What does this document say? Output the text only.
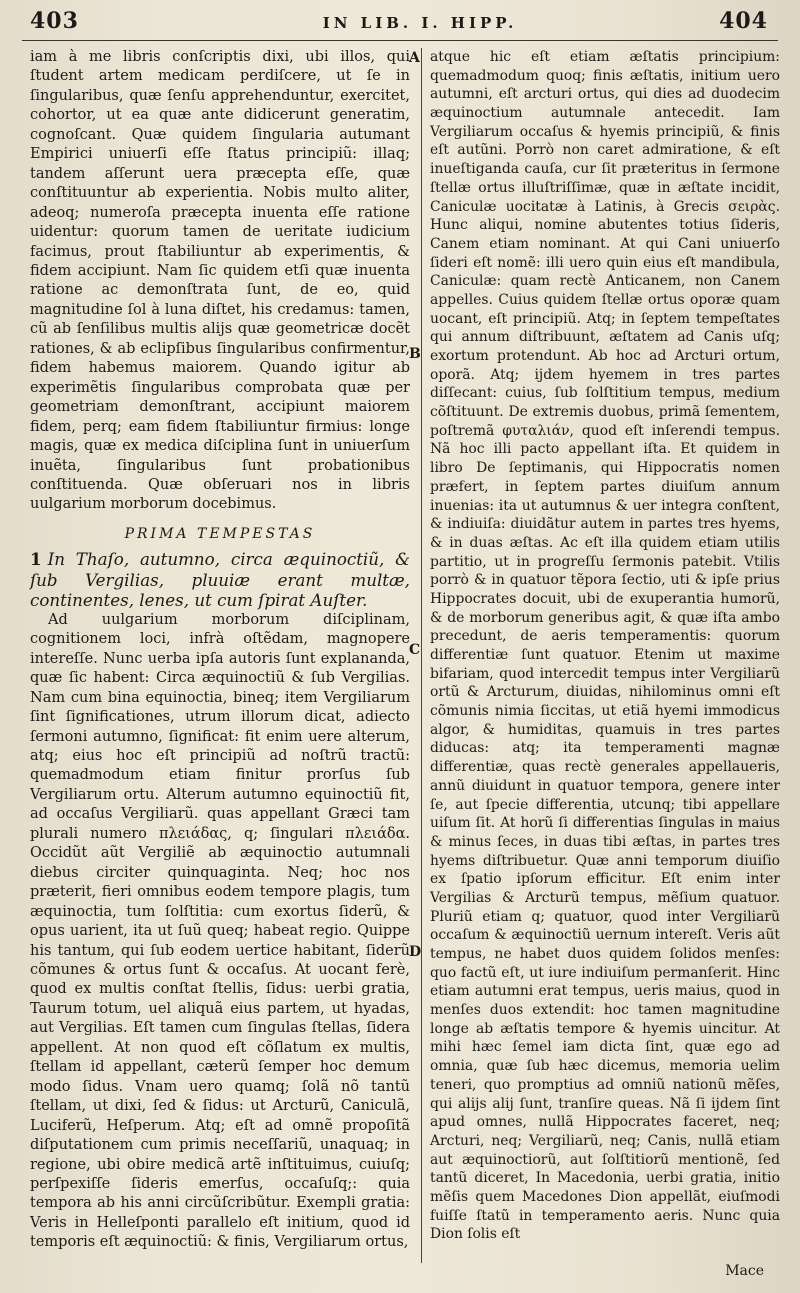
403	IN LIB. I. HIPP.	404
A
B
C
D

iam à me libris conſcriptis dixi, ubi illos, qui ſtudent artem medicam perdiſcere, ut ſe in ſingularibus, quæ ſenſu apprehenduntur, exercitet, cohortor, ut ea quæ ante didicerunt generatim, cognoſcant. Quæ quidem ſingularia autumant Empirici uniuerſi eſſe ſtatus principiũ: illaq; tandem aſſerunt uera præcepta eſſe, quæ conſtituuntur ab experientia. Nobis multo aliter, adeoq; numeroſa præcepta inuenta eſſe ratione uidentur: quorum tamen de ueritate iudicium facimus, prout ſtabiliuntur ab experimentis, & fidem accipiunt. Nam ſic quidem etſi quæ inuenta ratione ac demonſtrata ſunt, de eo, quid magnitudine ſol à luna diſtet, his credamus: tamen, cũ ab ſenſilibus multis alijs quæ geometricæ docẽt rationes, & ab eclipſibus ſingularibus confirmentur, fidem habemus maiorem. Quando igitur ab experimẽtis ſingularibus comprobata quæ per geometriam demonſtrant, accipiunt maiorem fidem, perq; eam fidem ſtabiliuntur firmius: longe magis, quæ ex medica diſciplina ſunt in uniuerſum inuẽta, ſingularibus ſunt probationibus conſtituenda. Quæ obſeruari nos in libris uulgarium morborum docebimus.

PRIMA TEMPESTAS

1 In Thaſo, autumno, circa æquinoctiũ, & ſub Vergilias, pluuiæ erant multæ, continentes, lenes, ut cum ſpirat Auſter.

Ad uulgarium morborum diſciplinam, cognitionem loci, infrà oſtẽdam, magnopere intereſſe. Nunc uerba ipſa autoris ſunt explananda, quæ ſic habent: Circa æquinoctiũ & ſub Vergilias. Nam cum bina equinoctia, bineq; item Vergiliarum ſint ſignificationes, utrum illorum dicat, adiecto ſermoni autumno, ſignificat: fit enim uere alterum, atq; eius hoc eſt principiũ ad noſtrũ tractũ: quemadmodum etiam finitur prorſus ſub Vergiliarum ortu. Alterum autumno equinoctiũ fit, ad occaſus Vergiliarũ. quas appellant Græci tam plurali numero πλειάδας, q; ſingulari πλειάδα. Occidũt aũt Vergiliẽ ab æquinoctio autumnali diebus circiter quinquaginta. Neq; hoc nos præterit, fieri omnibus eodem tempore plagis, tum æquinoctia, tum ſolſtitia: cum exortus ſiderũ, & opus uarient, ita ut ſuũ queq; habeat regio. Quippe his tantum, qui ſub eodem uertice habitant, ſiderũ cõmunes & ortus ſunt & occaſus. At uocant ferè, quod ex multis conſtat ſtellis, ſidus: uerbi gratia, Taurum totum, uel aliquã eius partem, ut hyadas, aut Vergilias. Eſt tamen cum ſingulas ſtellas, ſidera appellent. At non quod eſt cõſlatum ex multis, ſtellam id appellant, cæterũ ſemper hoc demum modo ſidus. Vnam uero quamq; ſolã nõ tantũ ſtellam, ut dixi, ſed & ſidus: ut Arcturũ, Caniculã, Luciferũ, Heſperum. Atq; eſt ad omnẽ propoſitã diſputationem cum primis neceſſariũ, unaquaq; in regione, ubi obire medicã artẽ inſtituimus, cuiuſq; perſpexiſſe ſideris emerſus, occaſuſq;: quia tempora ab his anni circũſcribũtur. Exempli gratia: Veris in Helleſponti parallelo eſt initium, quod id temporis eſt æquinoctiũ: & finis, Vergiliarum ortus,

atque hic eſt etiam æſtatis principium: quemadmodum quoq; finis æſtatis, initium uero autumni, eſt arcturi ortus, qui dies ad duodecim æquinoctium autumnale antecedit. Iam Vergiliarum occaſus & hyemis principiũ, & finis eſt autũni. Porrò non caret admiratione, & eſt inueſtiganda cauſa, cur ſit præteritus in ſermone ſtellæ ortus illuſtriſſimæ, quæ in æſtate incidit, Caniculæ uocitatæ à Latinis, à Grecis σειρὰς. Hunc aliqui, nomine abutentes totius ſideris, Canem etiam nominant. At qui Cani uniuerſo ſideri eſt nomẽ: illi uero quin eius eſt mandibula, Caniculæ: quam rectè Anticanem, non Canem appelles. Cuius quidem ſtellæ ortus oporæ quam uocant, eſt principiũ. Atq; in ſeptem tempeſtates qui annum diſtribuunt, æſtatem ad Canis uſq; exortum protendunt. Ab hoc ad Arcturi ortum, oporã. Atq; ijdem hyemem in tres partes diſſecant: cuius, ſub ſolſtitium tempus, medium cõſtituunt. De extremis duobus, primã ſementem, poſtremã φυταλιάν, quod eſt inſerendi tempus. Nã hoc illi pacto appellant iſta. Et quidem in libro De ſeptimanis, qui Hippocratis nomen præfert, in ſeptem partes diuiſum annum inuenias: ita ut autumnus & uer integra conſtent, & indiuiſa: diuidãtur autem in partes tres hyems, & in duas æſtas. Ac eſt illa quidem etiam utilis partitio, ut in progreſſu ſermonis patebit. Vtilis porrò & in quatuor tẽpora ſectio, uti & ipſe prius Hippocrates docuit, ubi de exuperantia humorũ, & de morborum generibus agit, & quæ iſta ambo precedunt, de aeris temperamentis: quorum differentiæ ſunt quatuor. Etenim ut maxime bifariam, quod intercedit tempus inter Vergiliarũ ortũ & Arcturum, diuidas, nihilominus omni eſt cõmunis nimia ſiccitas, ut etiã hyemi immodicus algor, & humiditas, quamuis in tres partes diducas: atq; ita temperamenti magnæ differentiæ, quas rectè generales appellaueris, annũ diuidunt in quatuor tempora, genere inter ſe, aut ſpecie differentia, utcunq; tibi appellare uiſum ſit. At horũ ſi differentias ſingulas in maius & minus ſeces, in duas tibi æſtas, in partes tres hyems diſtribuetur. Quæ anni temporum diuiſio ex ſpatio ipſorum efficitur. Eſt enim inter Vergilias & Arcturũ tempus, mẽſium quatuor. Pluriũ etiam q; quatuor, quod inter Vergiliarũ occaſum & æquinoctiũ uernum intereſt. Veris aũt tempus, ne habet duos quidem ſolidos menſes: quo factũ eſt, ut iure indiuiſum permanſerit. Hinc etiam autumni erat tempus, ueris maius, quod in menſes duos extendit: hoc tamen magnitudine longe ab æſtatis tempore & hyemis uincitur. At mihi hæc ſemel iam dicta ſint, quæ ego ad omnia, quæ ſub hæc dicemus, memoria uelim teneri, quo promptius ad omniũ nationũ mẽſes, qui alijs alij ſunt, tranſire queas. Nã ſi ijdem ſint apud omnes, nullã Hippocrates faceret, neq; Arcturi, neq; Vergiliarũ, neq; Canis, nullã etiam aut æquinoctiorũ, aut ſolſtitiorũ mentionẽ, ſed tantũ diceret, In Macedonia, uerbi gratia, initio mẽſis quem Macedones Dion appellãt, eiuſmodi fuiſſe ſtatũ in temperamento aeris. Nunc quia Dion ſolis eſt

Mace
